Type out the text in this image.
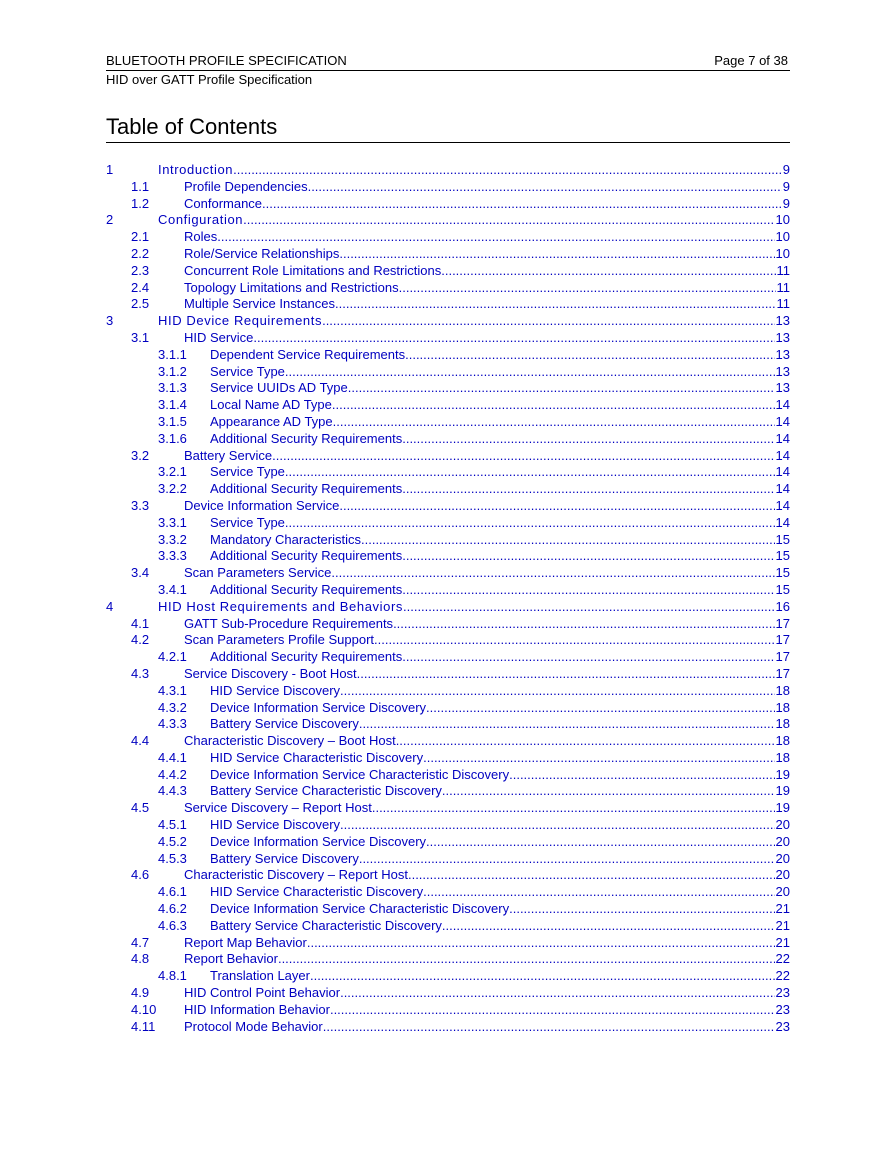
BLUETOOTH PROFILE SPECIFICATION	Page 7 of 38
HID over GATT Profile Specification
Table of Contents
1	Introduction .....	9
1.1	Profile Dependencies .....	9
1.2	Conformance .....	9
2	Configuration .....	10
2.1	Roles .....	10
2.2	Role/Service Relationships .....	10
2.3	Concurrent Role Limitations and Restrictions .....	11
2.4	Topology Limitations and Restrictions .....	11
2.5	Multiple Service Instances .....	11
3	HID Device Requirements .....	13
3.1	HID Service .....	13
3.1.1 Dependent Service Requirements .....	13
3.1.2 Service Type .....	13
3.1.3 Service UUIDs AD Type .....	13
3.1.4 Local Name AD Type .....	14
3.1.5 Appearance AD Type .....	14
3.1.6 Additional Security Requirements .....	14
3.2	Battery Service .....	14
3.2.1 Service Type .....	14
3.2.2 Additional Security Requirements .....	14
3.3	Device Information Service .....	14
3.3.1 Service Type .....	14
3.3.2 Mandatory Characteristics .....	15
3.3.3 Additional Security Requirements .....	15
3.4	Scan Parameters Service .....	15
3.4.1 Additional Security Requirements .....	15
4	HID Host Requirements and Behaviors .....	16
4.1	GATT Sub-Procedure Requirements .....	17
4.2	Scan Parameters Profile Support. .....	17
4.2.1 Additional Security Requirements .....	17
4.3	Service Discovery - Boot Host .....	17
4.3.1 HID Service Discovery .....	18
4.3.2 Device Information Service Discovery .....	18
4.3.3 Battery Service Discovery .....	18
4.4	Characteristic Discovery – Boot Host .....	18
4.4.1 HID Service Characteristic Discovery .....	18
4.4.2 Device Information Service Characteristic Discovery .....	19
4.4.3 Battery Service Characteristic Discovery .....	19
4.5	Service Discovery – Report Host .....	19
4.5.1 HID Service Discovery .....	20
4.5.2 Device Information Service Discovery .....	20
4.5.3 Battery Service Discovery .....	20
4.6	Characteristic Discovery – Report Host .....	20
4.6.1 HID Service Characteristic Discovery .....	20
4.6.2 Device Information Service Characteristic Discovery .....	21
4.6.3 Battery Service Characteristic Discovery .....	21
4.7	Report Map Behavior .....	21
4.8	Report Behavior .....	22
4.8.1 Translation Layer .....	22
4.9	HID Control Point Behavior .....	23
4.10 HID Information Behavior .....	23
4.11 Protocol Mode Behavior .....	23
